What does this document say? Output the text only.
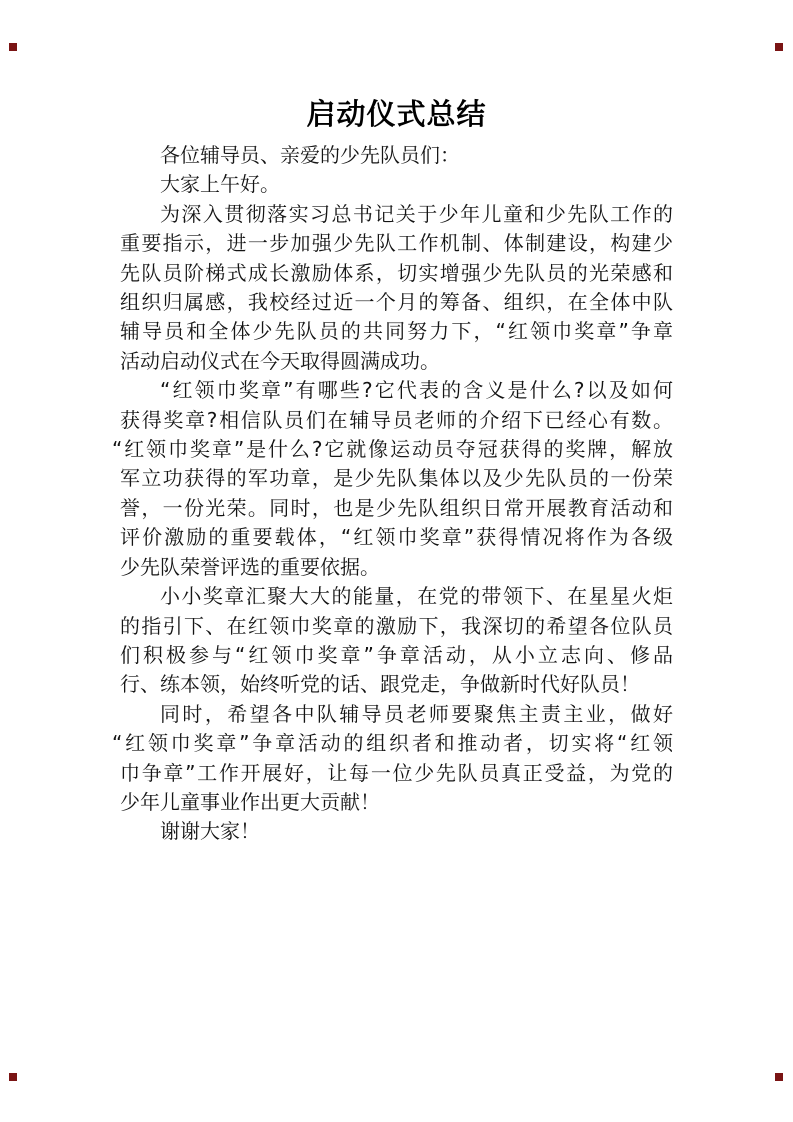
启动仪式总结
各位辅导员、亲爱的少先队员们：
大家上午好。
为深入贯彻落实习总书记关于少年儿童和少先队工作的
重要指示，进一步加强少先队工作机制、体制建设，构建少
先队员阶梯式成长激励体系，切实增强少先队员的光荣感和
组织归属感，我校经过近一个月的筹备、组织，在全体中队
辅导员和全体少先队员的共同努力下，“红领巾奖章”争章
活动启动仪式在今天取得圆满成功。
“红领巾奖章”有哪些?它代表的含义是什么?以及如何
获得奖章?相信队员们在辅导员老师的介绍下已经心有数。
“红领巾奖章”是什么?它就像运动员夺冠获得的奖牌，解放
军立功获得的军功章，是少先队集体以及少先队员的一份荣
誉，一份光荣。同时，也是少先队组织日常开展教育活动和
评价激励的重要载体，“红领巾奖章”获得情况将作为各级
少先队荣誉评选的重要依据。
小小奖章汇聚大大的能量，在党的带领下、在星星火炬
的指引下、在红领巾奖章的激励下，我深切的希望各位队员
们积极参与“红领巾奖章”争章活动，从小立志向、修品
行、练本领，始终听党的话、跟党走，争做新时代好队员！
同时，希望各中队辅导员老师要聚焦主责主业，做好
“红领巾奖章”争章活动的组织者和推动者，切实将“红领
巾争章”工作开展好，让每一位少先队员真正受益，为党的
少年儿童事业作出更大贡献！
谢谢大家！
